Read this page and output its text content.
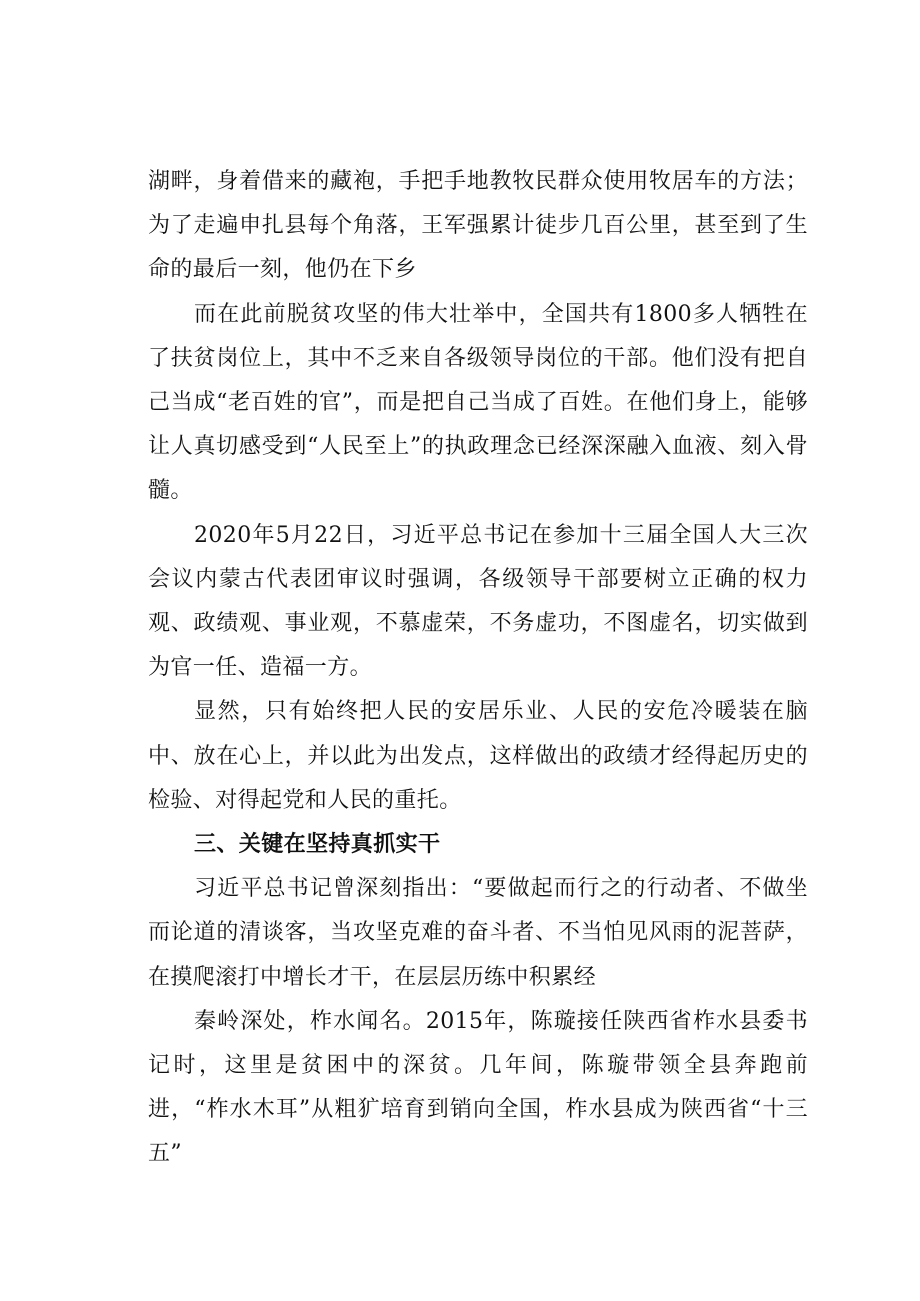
湖畔，身着借来的藏袍，手把手地教牧民群众使用牧居车的方法；为了走遍申扎县每个角落，王军强累计徒步几百公里，甚至到了生命的最后一刻，他仍在下乡

而在此前脱贫攻坚的伟大壮举中，全国共有1800多人牺牲在了扶贫岗位上，其中不乏来自各级领导岗位的干部。他们没有把自己当成“老百姓的官”，而是把自己当成了百姓。在他们身上，能够让人真切感受到“人民至上”的执政理念已经深深融入血液、刻入骨髓。

2020年5月22日，习近平总书记在参加十三届全国人大三次会议内蒙古代表团审议时强调，各级领导干部要树立正确的权力观、政绩观、事业观，不慕虚荣，不务虚功，不图虚名，切实做到为官一任、造福一方。

显然，只有始终把人民的安居乐业、人民的安危冷暖装在脑中、放在心上，并以此为出发点，这样做出的政绩才经得起历史的检验、对得起党和人民的重托。

三、关键在坚持真抓实干

习近平总书记曾深刻指出：“要做起而行之的行动者、不做坐而论道的清谈客，当攻坚克难的奋斗者、不当怕见风雨的泥菩萨，在摸爬滚打中增长才干，在层层历练中积累经

秦岭深处，柞水闻名。2015年，陈璇接任陕西省柞水县委书记时，这里是贫困中的深贫。几年间，陈璇带领全县奔跑前进，“柞水木耳”从粗犷培育到销向全国，柞水县成为陕西省“十三五”
